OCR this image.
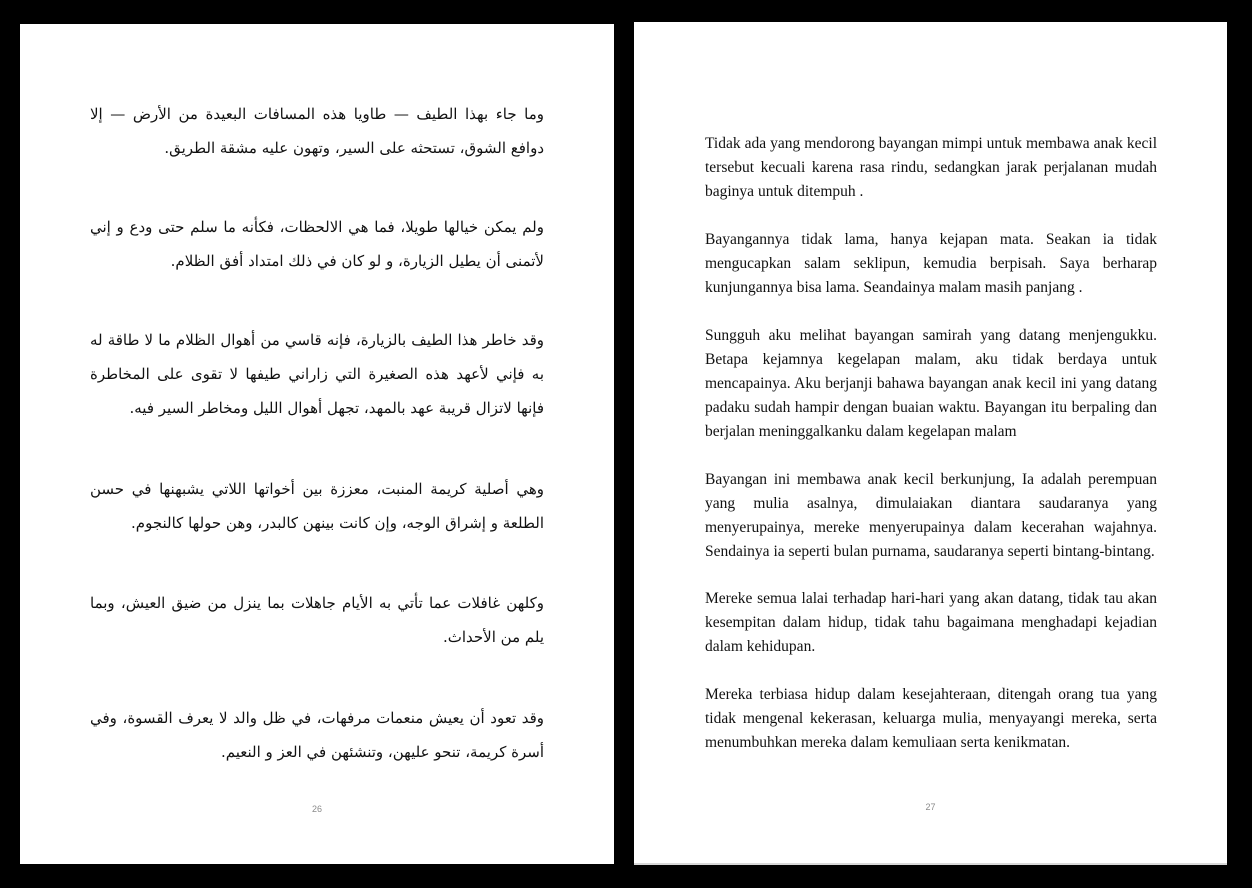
وما جاء بهذا الطيف — طاويا هذه المسافات البعيدة من الأرض — إلا دوافع الشوق، تستحثه على السير، وتهون عليه مشقة الطريق.

ولم يمكن خيالها طويلا، فما هي الالحظات، فكأنه ما سلم حتى ودع و إني لأتمنى أن يطيل الزيارة، و لو كان في ذلك امتداد أفق الظلام.

وقد خاطر هذا الطيف بالزيارة، فإنه قاسي من أهوال الظلام ما لا طاقة له به فإني لأعهد هذه الصغيرة التي زاراني طيفها لا تقوى على المخاطرة فإنها لاتزال قريبة عهد بالمهد، تجهل أهوال الليل ومخاطر السير فيه.

وهي أصلية كريمة المنبت، معززة بين أخواتها اللاتي يشبهنها في حسن الطلعة و إشراق الوجه، وإن كانت بينهن كالبدر، وهن حولها كالنجوم.

وكلهن غافلات عما تأتي به الأيام جاهلات بما ينزل من ضيق العيش، وبما يلم من الأحداث.

وقد تعود أن يعيش منعمات مرفهات، في ظل والد لا يعرف القسوة، وفي أسرة كريمة، تنحو عليهن، وتنشئهن في العز و النعيم.

26

Tidak ada yang mendorong bayangan mimpi untuk membawa anak kecil tersebut kecuali karena rasa rindu, sedangkan jarak perjalanan mudah baginya untuk ditempuh .

Bayangannya tidak lama, hanya kejapan mata. Seakan ia tidak mengucapkan salam seklipun, kemudia berpisah. Saya berharap kunjungannya bisa lama. Seandainya malam masih panjang .

Sungguh aku melihat bayangan samirah yang datang menjengukku. Betapa kejamnya kegelapan malam, aku tidak berdaya untuk mencapainya. Aku berjanji bahawa bayangan anak kecil ini yang datang padaku sudah hampir dengan buaian waktu. Bayangan itu berpaling dan berjalan meninggalkanku dalam kegelapan malam

Bayangan ini membawa anak kecil berkunjung, Ia adalah perempuan yang mulia asalnya, dimulaiakan diantara saudaranya yang menyerupainya, mereke menyerupainya dalam kecerahan wajahnya. Sendainya ia seperti bulan purnama, saudaranya seperti bintang-bintang.

Mereke semua lalai terhadap hari-hari yang akan datang, tidak tau akan kesempitan dalam hidup, tidak tahu bagaimana menghadapi kejadian dalam kehidupan.

Mereka terbiasa hidup dalam kesejahteraan, ditengah orang tua yang tidak mengenal kekerasan, keluarga mulia, menyayangi mereka, serta menumbuhkan mereka dalam kemuliaan serta kenikmatan.

27
